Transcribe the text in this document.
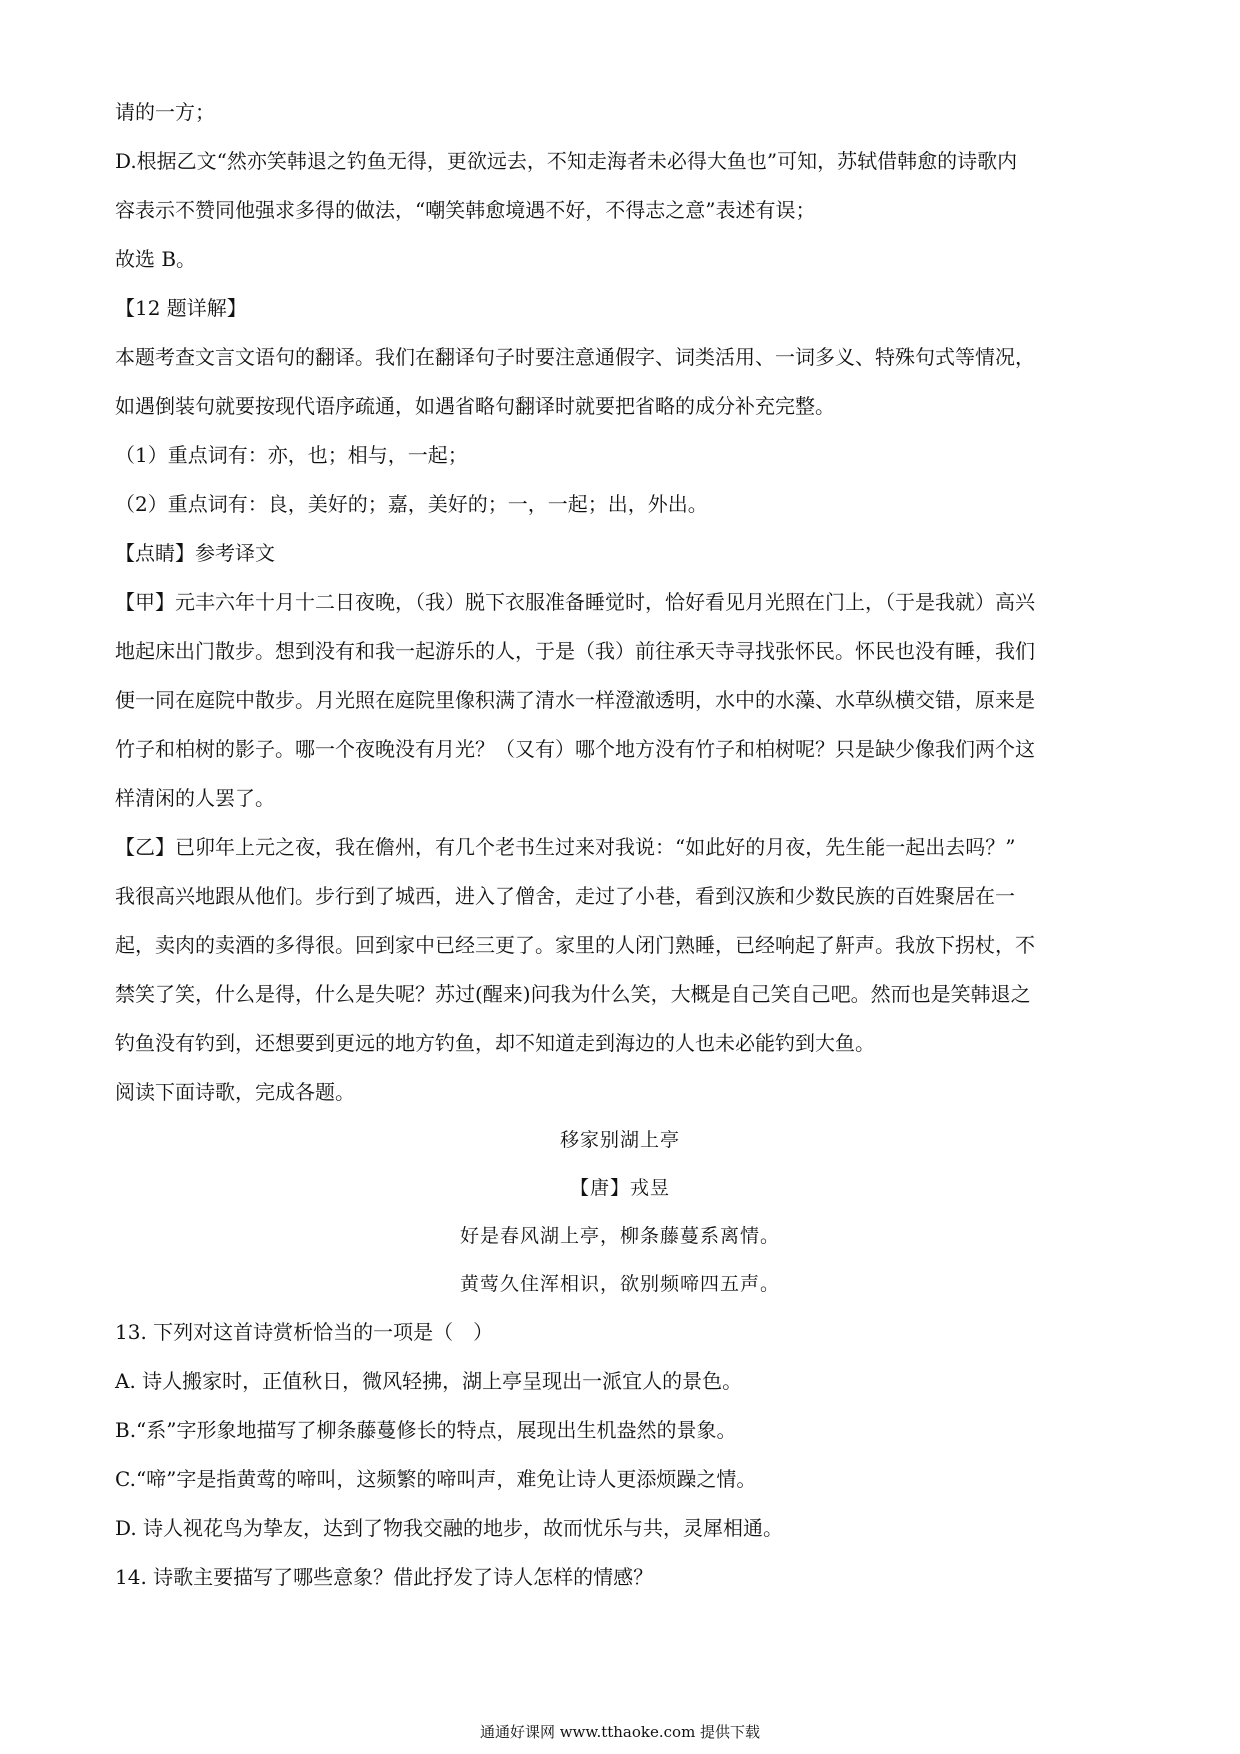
请的一方；

D.根据乙文“然亦笑韩退之钓鱼无得，更欲远去，不知走海者未必得大鱼也”可知，苏轼借韩愈的诗歌内

容表示不赞同他强求多得的做法，“嘲笑韩愈境遇不好，不得志之意”表述有误；

故选 B。

【12 题详解】

本题考查文言文语句的翻译。我们在翻译句子时要注意通假字、词类活用、一词多义、特殊句式等情况，

如遇倒装句就要按现代语序疏通，如遇省略句翻译时就要把省略的成分补充完整。

（1）重点词有：亦，也；相与，一起；

（2）重点词有：良，美好的；嘉，美好的；一，一起；出，外出。

【点睛】参考译文

【甲】元丰六年十月十二日夜晚，（我）脱下衣服准备睡觉时，恰好看见月光照在门上，（于是我就）高兴

地起床出门散步。想到没有和我一起游乐的人，于是（我）前往承天寺寻找张怀民。怀民也没有睡，我们

便一同在庭院中散步。月光照在庭院里像积满了清水一样澄澈透明，水中的水藻、水草纵横交错，原来是

竹子和柏树的影子。哪一个夜晚没有月光？（又有）哪个地方没有竹子和柏树呢？只是缺少像我们两个这

样清闲的人罢了。

【乙】已卯年上元之夜，我在儋州，有几个老书生过来对我说：“如此好的月夜，先生能一起出去吗？”

我很高兴地跟从他们。步行到了城西，进入了僧舍，走过了小巷，看到汉族和少数民族的百姓聚居在一

起，卖肉的卖酒的多得很。回到家中已经三更了。家里的人闭门熟睡，已经响起了鼾声。我放下拐杖，不

禁笑了笑，什么是得，什么是失呢？苏过(醒来)问我为什么笑，大概是自己笑自己吧。然而也是笑韩退之

钓鱼没有钓到，还想要到更远的地方钓鱼，却不知道走到海边的人也未必能钓到大鱼。

阅读下面诗歌，完成各题。

移家别湖上亭

【唐】戎昱

好是春风湖上亭，柳条藤蔓系离情。

黄莺久住浑相识，欲别频啼四五声。

13. 下列对这首诗赏析恰当的一项是（　）

A. 诗人搬家时，正值秋日，微风轻拂，湖上亭呈现出一派宜人的景色。

B.“系”字形象地描写了柳条藤蔓修长的特点，展现出生机盎然的景象。

C.“啼”字是指黄莺的啼叫，这频繁的啼叫声，难免让诗人更添烦躁之情。

D. 诗人视花鸟为挚友，达到了物我交融的地步，故而忧乐与共，灵犀相通。

14. 诗歌主要描写了哪些意象？借此抒发了诗人怎样的情感？

通通好课网 www.tthaoke.com 提供下载
